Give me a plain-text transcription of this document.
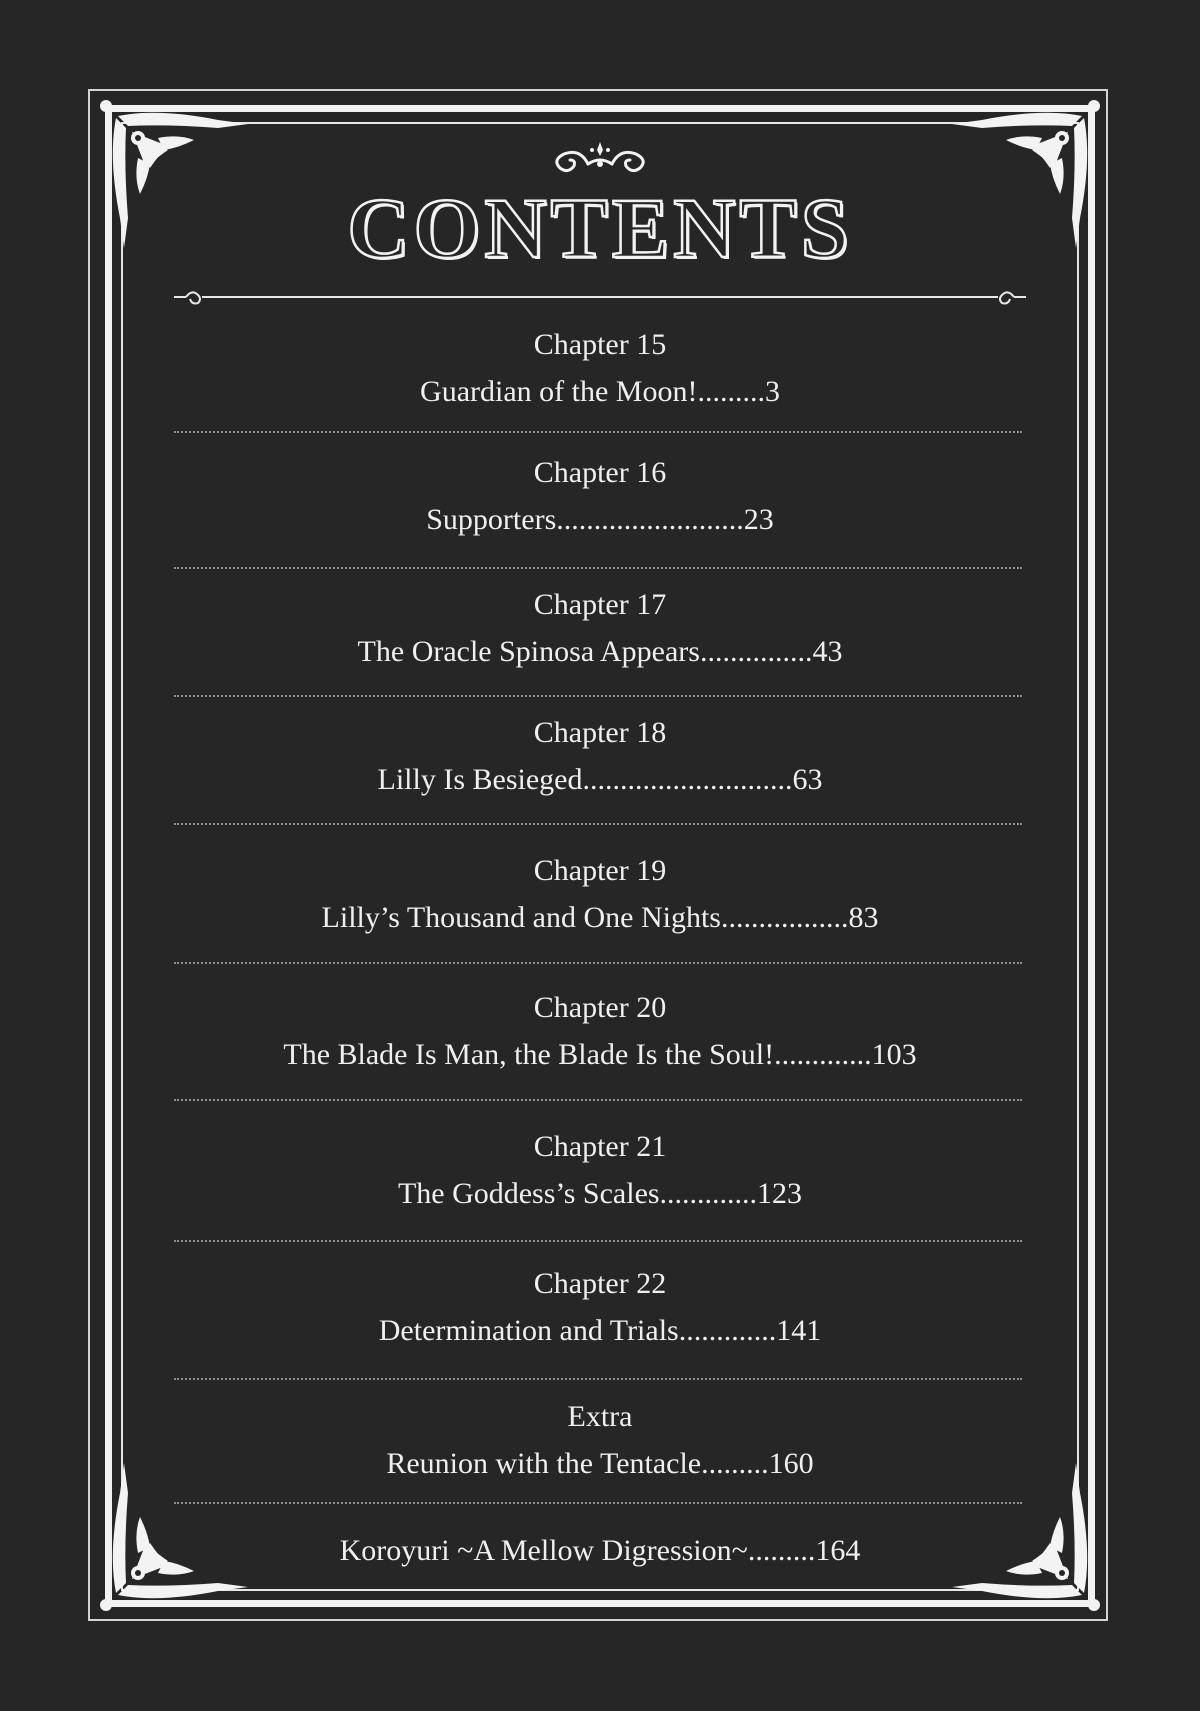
CONTENTS
Chapter 15
Guardian of the Moon!.........3
Chapter 16
Supporters.........................23
Chapter 17
The Oracle Spinosa Appears...............43
Chapter 18
Lilly Is Besieged............................63
Chapter 19
Lilly’s Thousand and One Nights.................83
Chapter 20
The Blade Is Man, the Blade Is the Soul!.............103
Chapter 21
The Goddess’s Scales.............123
Chapter 22
Determination and Trials.............141
Extra
Reunion with the Tentacle.........160
Koroyuri ~A Mellow Digression~.........164
